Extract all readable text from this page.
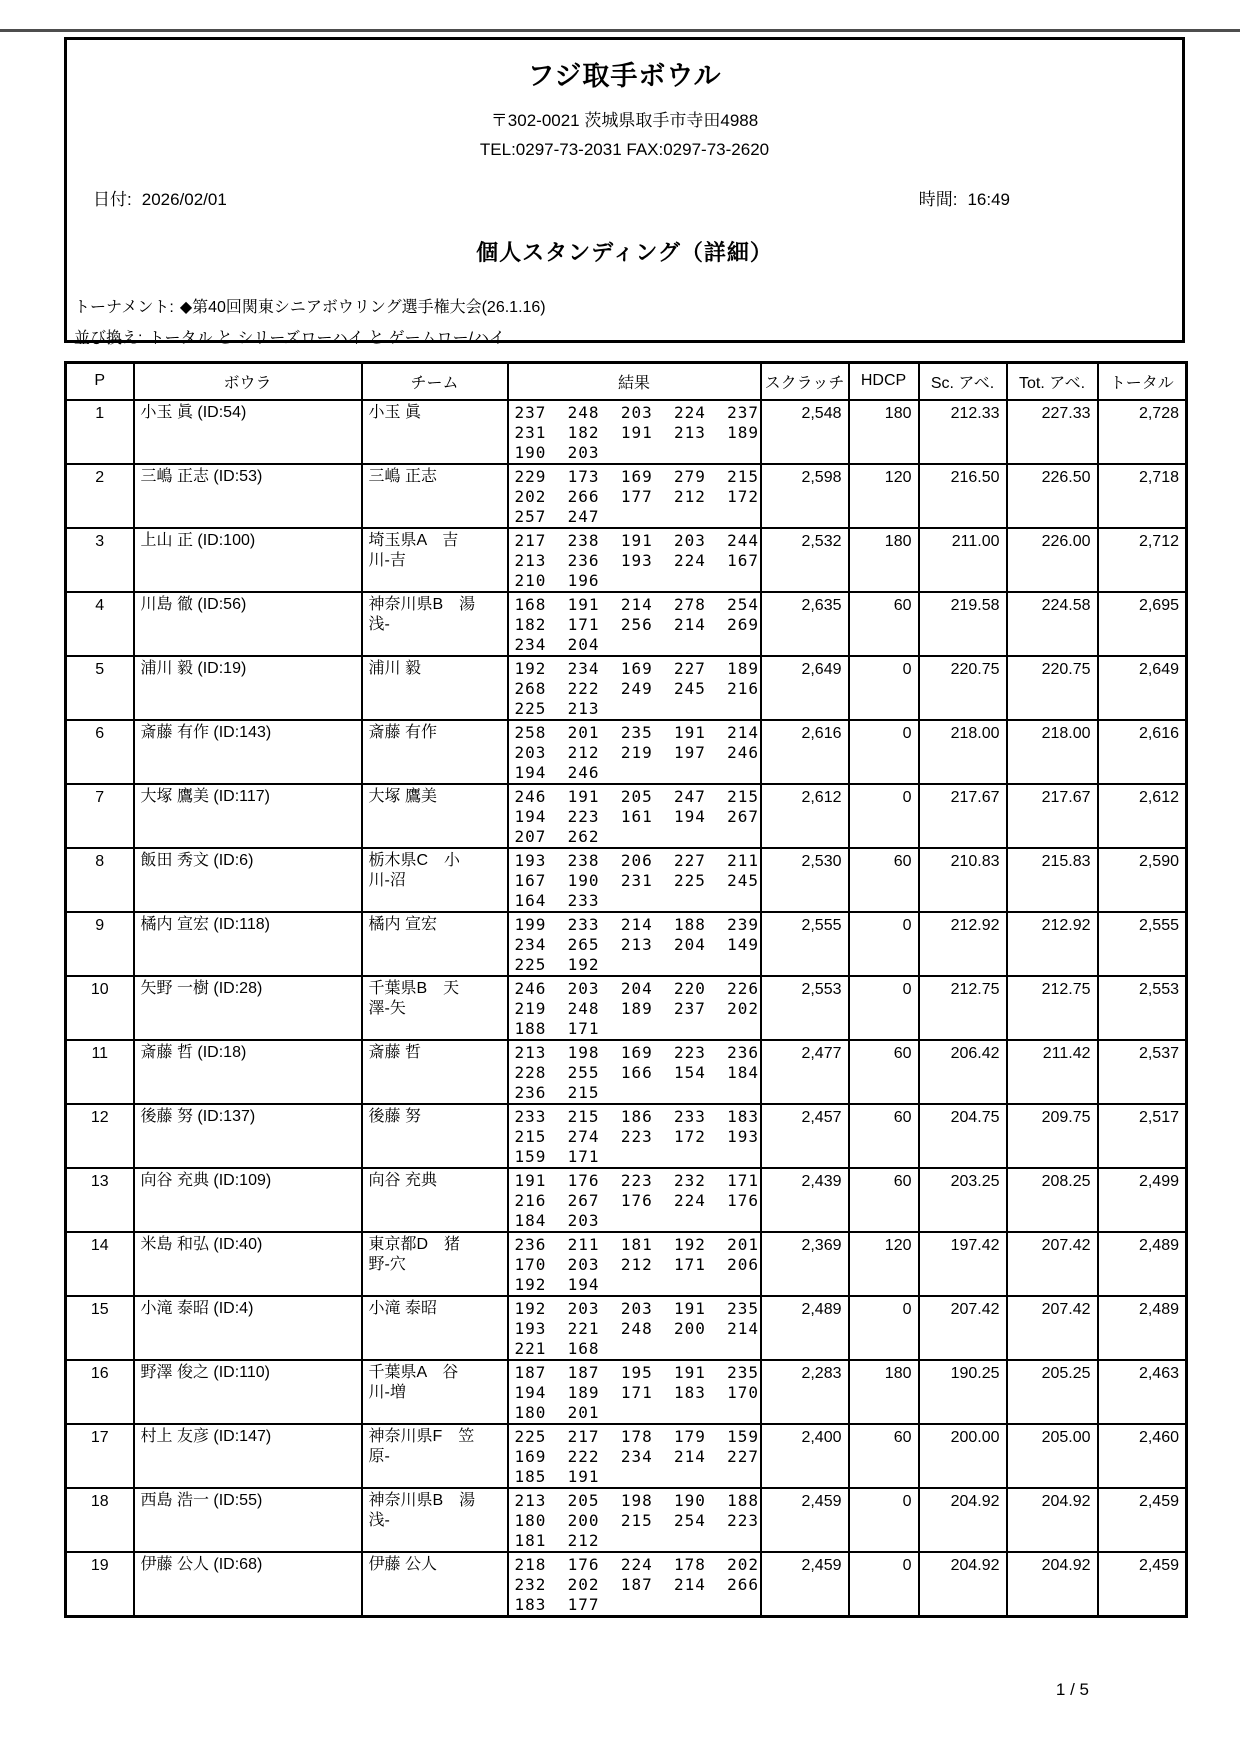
フジ取手ボウル
〒302-0021 茨城県取手市寺田4988
TEL:0297-73-2031 FAX:0297-73-2620
日付: 2026/02/01	時間: 16:49
個人スタンディング（詳細）
トーナメント: ◆第40回関東シニアボウリング選手権大会(26.1.16)
並び換え: トータル と シリーズローハイ と ゲームロー/ハイ
P	ボウラ	チーム	結果	スクラッチ	HDCP	Sc. アベ.	Tot. アベ.	トータル
1	小玉 眞 (ID:54)	小玉 眞	237  248  203  224  237
231  182  191  213  189
190  203	2,548	180	212.33	227.33	2,728
2	三嶋 正志 (ID:53)	三嶋 正志	229  173  169  279  215
202  266  177  212  172
257  247	2,598	120	216.50	226.50	2,718
3	上山 正 (ID:100)	埼玉県A　吉
川-吉	217  238  191  203  244
213  236  193  224  167
210  196	2,532	180	211.00	226.00	2,712
4	川島 徹 (ID:56)	神奈川県B　湯
浅-	168  191  214  278  254
182  171  256  214  269
234  204	2,635	60	219.58	224.58	2,695
5	浦川 毅 (ID:19)	浦川 毅	192  234  169  227  189
268  222  249  245  216
225  213	2,649	0	220.75	220.75	2,649
6	斎藤 有作 (ID:143)	斎藤 有作	258  201  235  191  214
203  212  219  197  246
194  246	2,616	0	218.00	218.00	2,616
7	大塚 鷹美 (ID:117)	大塚 鷹美	246  191  205  247  215
194  223  161  194  267
207  262	2,612	0	217.67	217.67	2,612
8	飯田 秀文 (ID:6)	栃木県C　小
川-沼	193  238  206  227  211
167  190  231  225  245
164  233	2,530	60	210.83	215.83	2,590
9	橘内 宣宏 (ID:118)	橘内 宣宏	199  233  214  188  239
234  265  213  204  149
225  192	2,555	0	212.92	212.92	2,555
10	矢野 一樹 (ID:28)	千葉県B　天
澤-矢	246  203  204  220  226
219  248  189  237  202
188  171	2,553	0	212.75	212.75	2,553
11	斎藤 哲 (ID:18)	斎藤 哲	213  198  169  223  236
228  255  166  154  184
236  215	2,477	60	206.42	211.42	2,537
12	後藤 努 (ID:137)	後藤 努	233  215  186  233  183
215  274  223  172  193
159  171	2,457	60	204.75	209.75	2,517
13	向谷 充典 (ID:109)	向谷 充典	191  176  223  232  171
216  267  176  224  176
184  203	2,439	60	203.25	208.25	2,499
14	米島 和弘 (ID:40)	東京都D　猪
野-穴	236  211  181  192  201
170  203  212  171  206
192  194	2,369	120	197.42	207.42	2,489
15	小滝 泰昭 (ID:4)	小滝 泰昭	192  203  203  191  235
193  221  248  200  214
221  168	2,489	0	207.42	207.42	2,489
16	野澤 俊之 (ID:110)	千葉県A　谷
川-増	187  187  195  191  235
194  189  171  183  170
180  201	2,283	180	190.25	205.25	2,463
17	村上 友彦 (ID:147)	神奈川県F　笠
原-	225  217  178  179  159
169  222  234  214  227
185  191	2,400	60	200.00	205.00	2,460
18	西島 浩一 (ID:55)	神奈川県B　湯
浅-	213  205  198  190  188
180  200  215  254  223
181  212	2,459	0	204.92	204.92	2,459
19	伊藤 公人 (ID:68)	伊藤 公人	218  176  224  178  202
232  202  187  214  266
183  177	2,459	0	204.92	204.92	2,459
1 / 5
